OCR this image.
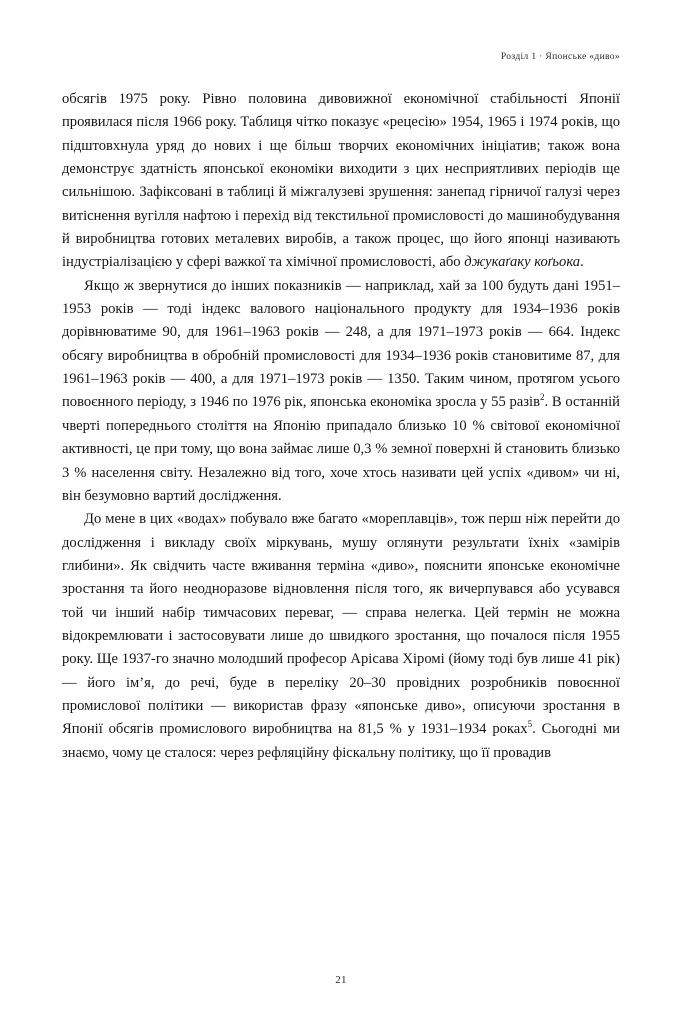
Розділ 1 · Японське «диво»

обсягів 1975 року. Рівно половина дивовижної економічної стабільності Японії проявилася після 1966 року. Таблиця чітко показує «рецесію» 1954, 1965 і 1974 років, що підштовхнула уряд до нових і ще більш творчих економічних ініціатив; також вона демонструє здатність японської економіки виходити з цих несприятливих періодів ще сильнішою. Зафіксовані в таблиці й міжгалузеві зрушення: занепад гірничої галузі через витіснення вугілля нафтою і перехід від текстильної промисловості до машинобудування й виробництва готових металевих виробів, а також процес, що його японці називають індустріалізацією у сфері важкої та хімічної промисловості, або джукаґаку коґьока.

Якщо ж звернутися до інших показників — наприклад, хай за 100 будуть дані 1951–1953 років — тоді індекс валового національного продукту для 1934–1936 років дорівнюватиме 90, для 1961–1963 років — 248, а для 1971–1973 років — 664. Індекс обсягу виробництва в обробній промисловості для 1934–1936 років становитиме 87, для 1961–1963 років — 400, а для 1971–1973 років — 1350. Таким чином, протягом усього повоєнного періоду, з 1946 по 1976 рік, японська економіка зросла у 55 разів$^2$. В останній чверті попереднього століття на Японію припадало близько 10 % світової економічної активності, це при тому, що вона займає лише 0,3 % земної поверхні й становить близько 3 % населення світу. Незалежно від того, хоче хтось називати цей успіх «дивом» чи ні, він безумовно вартий дослідження.

До мене в цих «водах» побувало вже багато «мореплавців», тож перш ніж перейти до дослідження і викладу своїх міркувань, мушу оглянути результати їхніх «замірів глибини». Як свідчить часте вживання терміна «диво», пояснити японське економічне зростання та його неодноразове відновлення після того, як вичерпувався або усувався той чи інший набір тимчасових переваг, — справа нелегка. Цей термін не можна відокремлювати і застосовувати лише до швидкого зростання, що почалося після 1955 року. Ще 1937-го значно молодший професор Арісава Хіромі (йому тоді був лише 41 рік) — його ім’я, до речі, буде в переліку 20–30 провідних розробників повоєнної промислової політики — використав фразу «японське диво», описуючи зростання в Японії обсягів промислового виробництва на 81,5 % у 1931–1934 роках$^5$. Сьогодні ми знаємо, чому це сталося: через рефляційну фіскальну політику, що її провадив

21
